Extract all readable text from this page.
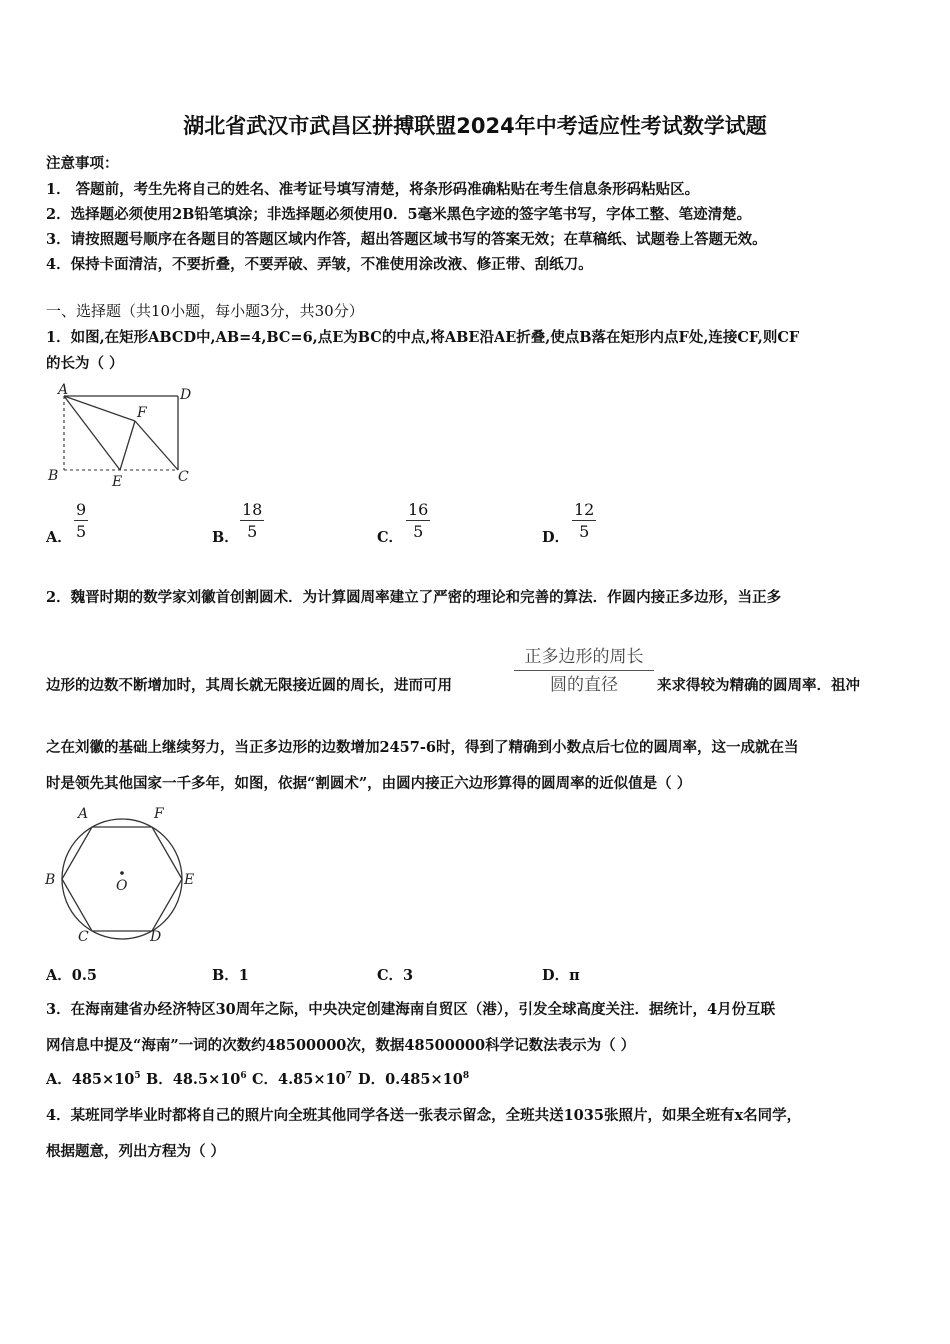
湖北省武汉市武昌区拼搏联盟2024年中考适应性考试数学试题
注意事项：
1． 答题前，考生先将自己的姓名、准考证号填写清楚，将条形码准确粘贴在考生信息条形码粘贴区。
2．选择题必须使用2B铅笔填涂；非选择题必须使用0．5毫米黑色字迹的签字笔书写，字体工整、笔迹清楚。
3．请按照题号顺序在各题目的答题区域内作答，超出答题区域书写的答案无效；在草稿纸、试题卷上答题无效。
4．保持卡面清洁，不要折叠，不要弄破、弄皱，不准使用涂改液、修正带、刮纸刀。
一、选择题（共10小题，每小题3分，共30分）
1．如图,在矩形ABCD中,AB=4,BC=6,点E为BC的中点,将ABE沿AE折叠,使点B落在矩形内点F处,连接CF,则CF
的长为（ ）
A	D
F
B	E	C
A． $\frac{9}{5}$	B． $\frac{18}{5}$	C． $\frac{16}{5}$	D． $\frac{12}{5}$
2．魏晋时期的数学家刘徽首创割圆术．为计算圆周率建立了严密的理论和完善的算法．作圆内接正多边形，当正多
边形的边数不断增加时，其周长就无限接近圆的周长，进而可用
正多边形的周长
圆的直径	来求得较为精确的圆周率．祖冲
之在刘徽的基础上继续努力，当正多边形的边数增加2457-6时，得到了精确到小数点后七位的圆周率，这一成就在当
时是领先其他国家一千多年，如图，依据“割圆术”，由圆内接正六边形算得的圆周率的近似值是（ ）
A	F
B	O	E
C	D
A．0.5	B．1	C．3	D．π
3．在海南建省办经济特区30周年之际，中央决定创建海南自贸区（港），引发全球高度关注．据统计，4月份互联
网信息中提及“海南”一词的次数约48500000次，数据48500000科学记数法表示为（ ）
A．$485\times 10^5$ B．$48.5\times 10^6$ C．$4.85\times 10^7$ D．$0.485\times 10^8$
4．某班同学毕业时都将自己的照片向全班其他同学各送一张表示留念，全班共送1035张照片，如果全班有x名同学，
根据题意，列出方程为（ ）
